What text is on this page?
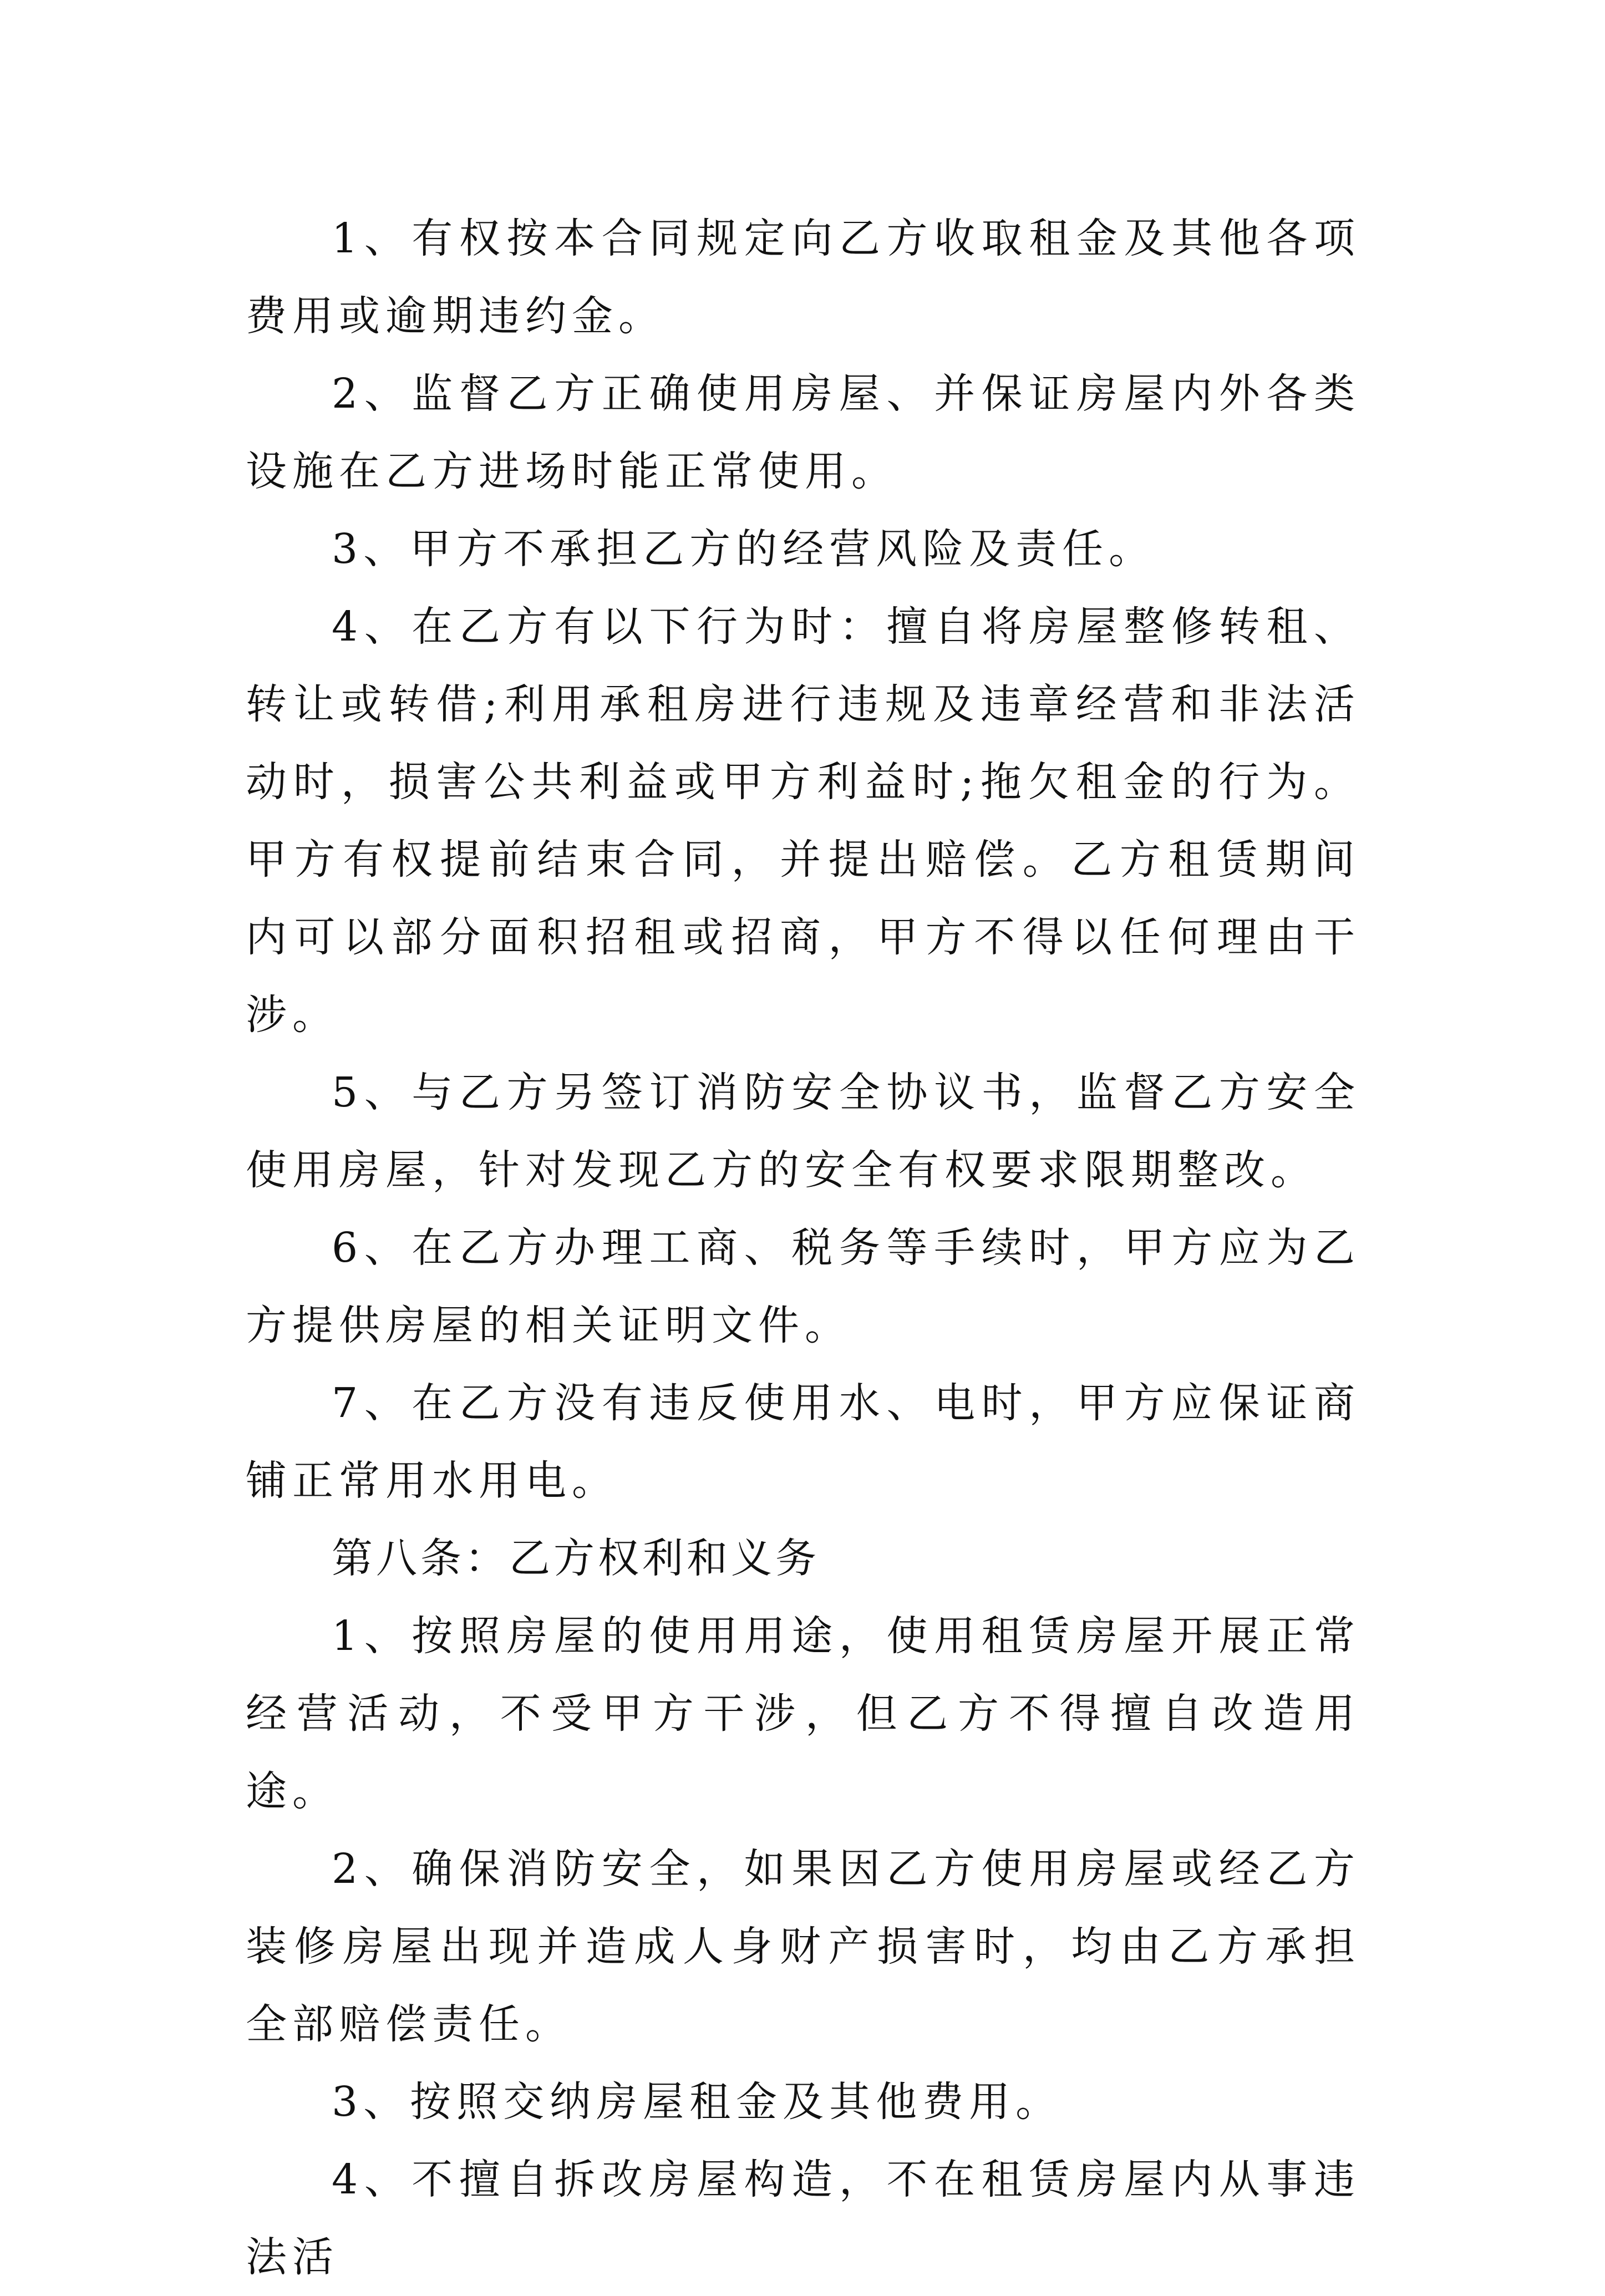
1、有权按本合同规定向乙方收取租金及其他各项费用或逾期违约金。

2、监督乙方正确使用房屋、并保证房屋内外各类设施在乙方进场时能正常使用。

3、甲方不承担乙方的经营风险及责任。

4、在乙方有以下行为时：擅自将房屋整修转租、转让或转借;利用承租房进行违规及违章经营和非法活动时，损害公共利益或甲方利益时;拖欠租金的行为。甲方有权提前结束合同，并提出赔偿。乙方租赁期间内可以部分面积招租或招商，甲方不得以任何理由干涉。

5、与乙方另签订消防安全协议书，监督乙方安全使用房屋，针对发现乙方的安全有权要求限期整改。

6、在乙方办理工商、税务等手续时，甲方应为乙方提供房屋的相关证明文件。

7、在乙方没有违反使用水、电时，甲方应保证商铺正常用水用电。

第八条：乙方权利和义务

1、按照房屋的使用用途，使用租赁房屋开展正常经营活动，不受甲方干涉，但乙方不得擅自改造用途。

2、确保消防安全，如果因乙方使用房屋或经乙方装修房屋出现并造成人身财产损害时，均由乙方承担全部赔偿责任。

3、按照交纳房屋租金及其他费用。

4、不擅自拆改房屋构造，不在租赁房屋内从事违法活
